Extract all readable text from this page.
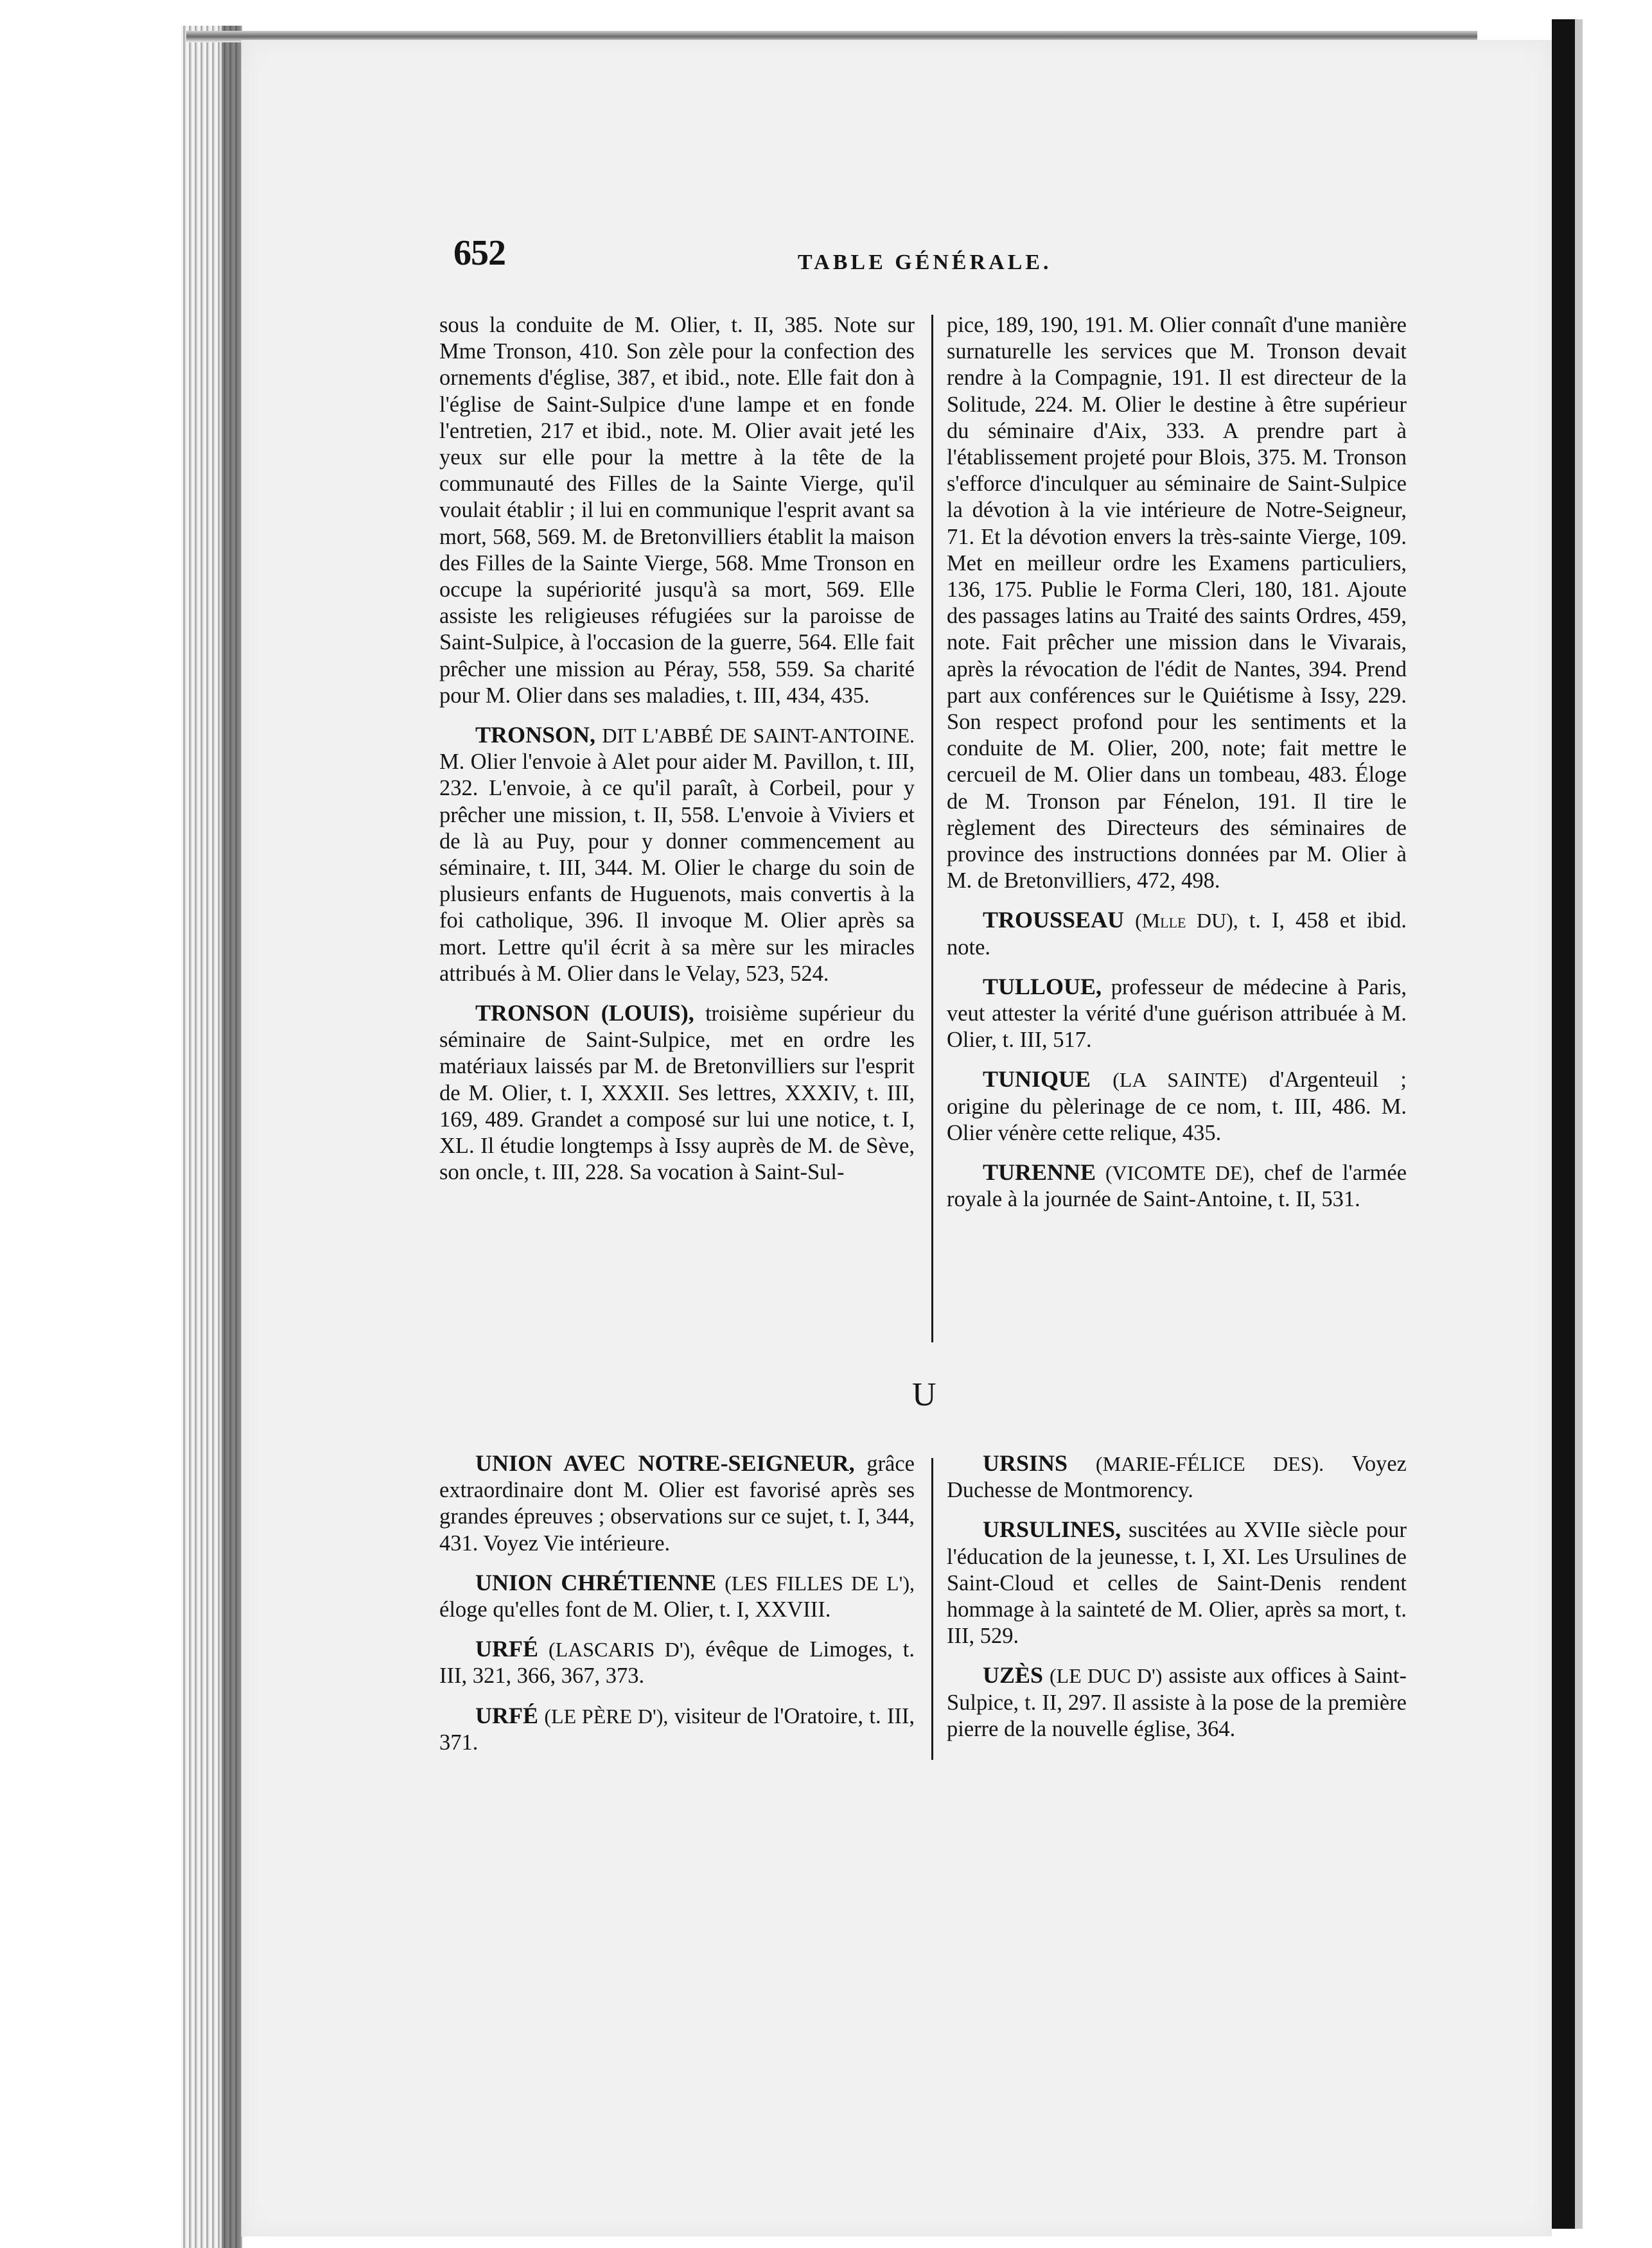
652	TABLE GÉNÉRALE.

sous la conduite de M. Olier, t. II, 385. Note sur Mme Tronson, 410. Son zèle pour la confection des ornements d'église, 387, et ibid., note. Elle fait don à l'église de Saint-Sulpice d'une lampe et en fonde l'entretien, 217 et ibid., note. M. Olier avait jeté les yeux sur elle pour la mettre à la tête de la communauté des Filles de la Sainte Vierge, qu'il voulait établir ; il lui en communique l'esprit avant sa mort, 568, 569. M. de Bretonvilliers établit la maison des Filles de la Sainte Vierge, 568. Mme Tronson en occupe la supériorité jusqu'à sa mort, 569. Elle assiste les religieuses réfugiées sur la paroisse de Saint-Sulpice, à l'occasion de la guerre, 564. Elle fait prêcher une mission au Péray, 558, 559. Sa charité pour M. Olier dans ses maladies, t. III, 434, 435.

TRONSON, DIT L'ABBÉ DE SAINT-ANTOINE. M. Olier l'envoie à Alet pour aider M. Pavillon, t. III, 232. L'envoie, à ce qu'il paraît, à Corbeil, pour y prêcher une mission, t. II, 558. L'envoie à Viviers et de là au Puy, pour y donner commencement au séminaire, t. III, 344. M. Olier le charge du soin de plusieurs enfants de Huguenots, mais convertis à la foi catholique, 396. Il invoque M. Olier après sa mort. Lettre qu'il écrit à sa mère sur les miracles attribués à M. Olier dans le Velay, 523, 524.

TRONSON (LOUIS), troisième supérieur du séminaire de Saint-Sulpice, met en ordre les matériaux laissés par M. de Bretonvilliers sur l'esprit de M. Olier, t. I, XXXII. Ses lettres, XXXIV, t. III, 169, 489. Grandet a composé sur lui une notice, t. I, XL. Il étudie longtemps à Issy auprès de M. de Sève, son oncle, t. III, 228. Sa vocation à Saint-Sul-

pice, 189, 190, 191. M. Olier connaît d'une manière surnaturelle les services que M. Tronson devait rendre à la Compagnie, 191. Il est directeur de la Solitude, 224. M. Olier le destine à être supérieur du séminaire d'Aix, 333. A prendre part à l'établissement projeté pour Blois, 375. M. Tronson s'efforce d'inculquer au séminaire de Saint-Sulpice la dévotion à la vie intérieure de Notre-Seigneur, 71. Et la dévotion envers la très-sainte Vierge, 109. Met en meilleur ordre les Examens particuliers, 136, 175. Publie le Forma Cleri, 180, 181. Ajoute des passages latins au Traité des saints Ordres, 459, note. Fait prêcher une mission dans le Vivarais, après la révocation de l'édit de Nantes, 394. Prend part aux conférences sur le Quiétisme à Issy, 229. Son respect profond pour les sentiments et la conduite de M. Olier, 200, note; fait mettre le cercueil de M. Olier dans un tombeau, 483. Éloge de M. Tronson par Fénelon, 191. Il tire le règlement des Directeurs des séminaires de province des instructions données par M. Olier à M. de Bretonvilliers, 472, 498.

TROUSSEAU (Mlle DU), t. I, 458 et ibid. note.

TULLOUE, professeur de médecine à Paris, veut attester la vérité d'une guérison attribuée à M. Olier, t. III, 517.

TUNIQUE (LA SAINTE) d'Argenteuil ; origine du pèlerinage de ce nom, t. III, 486. M. Olier vénère cette relique, 435.

TURENNE (VICOMTE DE), chef de l'armée royale à la journée de Saint-Antoine, t. II, 531.

U

UNION AVEC NOTRE-SEIGNEUR, grâce extraordinaire dont M. Olier est favorisé après ses grandes épreuves ; observations sur ce sujet, t. I, 344, 431. Voyez Vie intérieure.

UNION CHRÉTIENNE (LES FILLES DE L'), éloge qu'elles font de M. Olier, t. I, XXVIII.

URFÉ (LASCARIS D'), évêque de Limoges, t. III, 321, 366, 367, 373.

URFÉ (LE PÈRE D'), visiteur de l'Oratoire, t. III, 371.

URSINS (MARIE-FÉLICE DES). Voyez Duchesse de Montmorency.

URSULINES, suscitées au XVIIe siècle pour l'éducation de la jeunesse, t. I, XI. Les Ursulines de Saint-Cloud et celles de Saint-Denis rendent hommage à la sainteté de M. Olier, après sa mort, t. III, 529.

UZÈS (LE DUC D') assiste aux offices à Saint-Sulpice, t. II, 297. Il assiste à la pose de la première pierre de la nouvelle église, 364.
